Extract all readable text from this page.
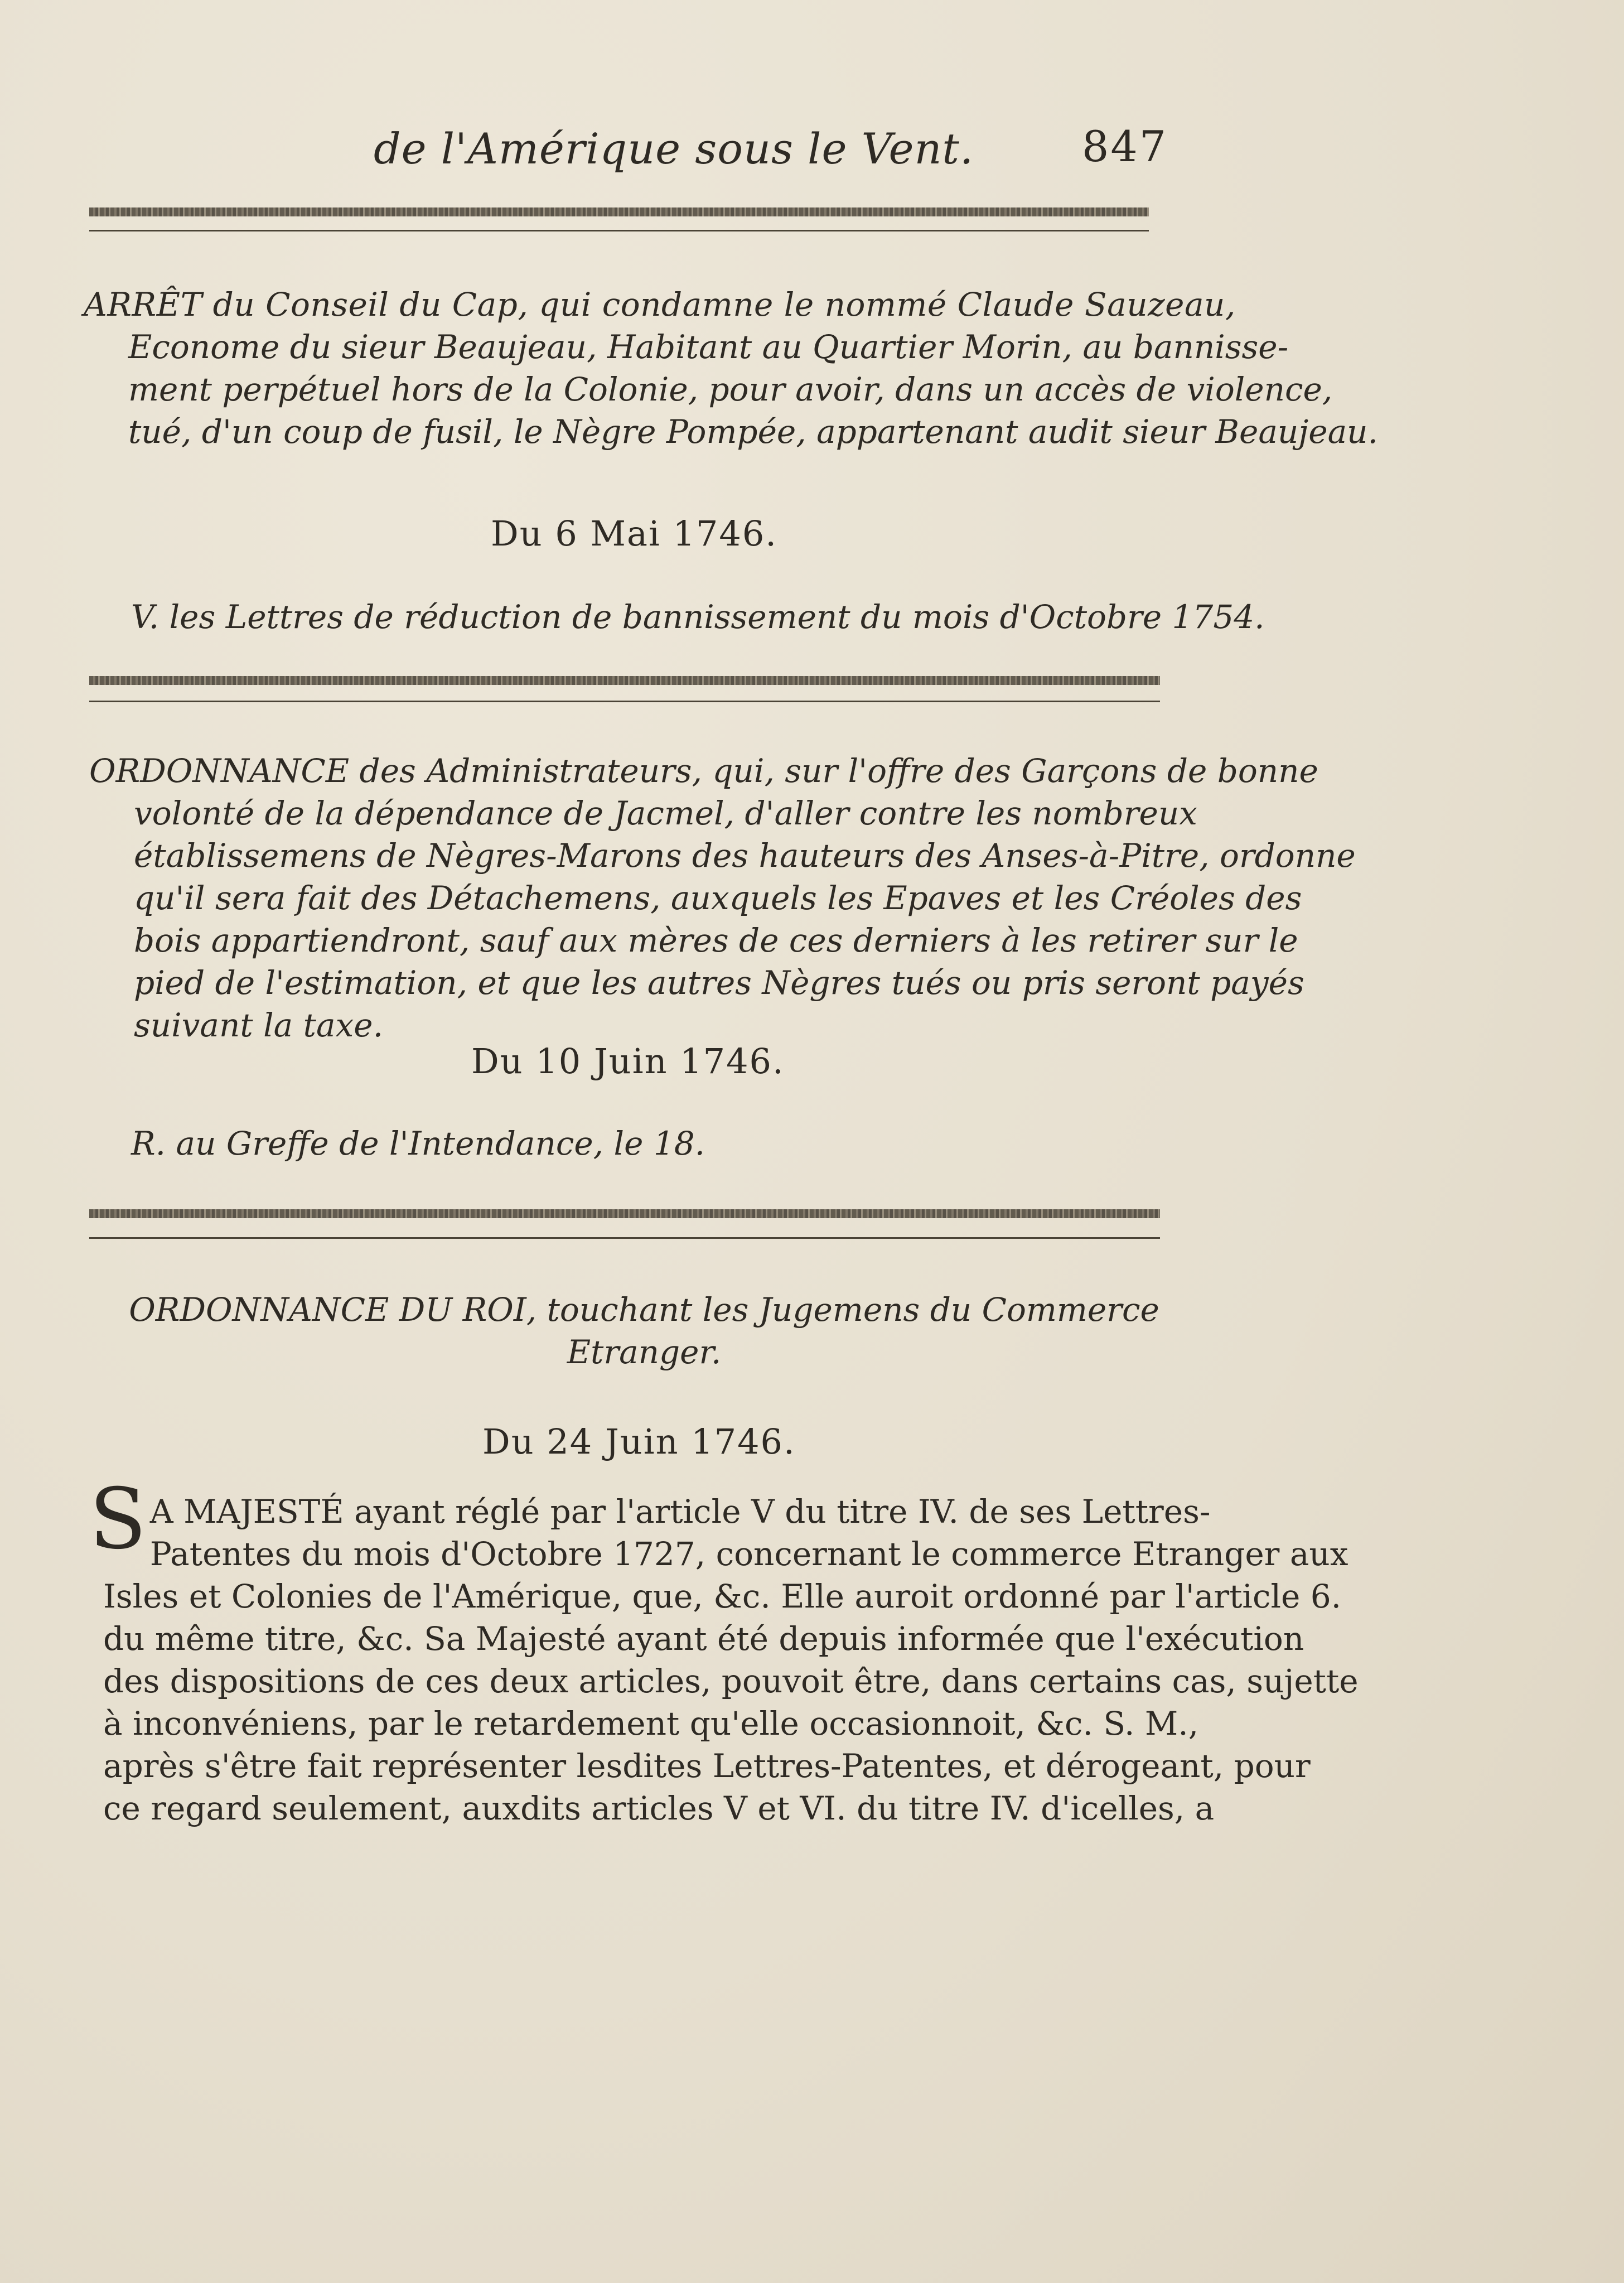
de l'Amérique sous le Vent.	847
ARRÊT du Conseil du Cap, qui condamne le nommé Claude Sauzeau,
Econome du sieur Beaujeau, Habitant au Quartier Morin, au bannisse-
ment perpétuel hors de la Colonie, pour avoir, dans un accès de violence,
tué, d'un coup de fusil, le Nègre Pompée, appartenant audit sieur Beaujeau.
Du 6 Mai 1746.
V. les Lettres de réduction de bannissement du mois d'Octobre 1754.
ORDONNANCE des Administrateurs, qui, sur l'offre des Garçons de bonne
volonté de la dépendance de Jacmel, d'aller contre les nombreux
établissemens de Nègres-Marons des hauteurs des Anses-à-Pitre, ordonne
qu'il sera fait des Détachemens, auxquels les Epaves et les Créoles des
bois appartiendront, sauf aux mères de ces derniers à les retirer sur le
pied de l'estimation, et que les autres Nègres tués ou pris seront payés
suivant la taxe.
Du 10 Juin 1746.
R. au Greffe de l'Intendance, le 18.
ORDONNANCE DU ROI, touchant les Jugemens du Commerce
Etranger.
Du 24 Juin 1746.
S A MAJESTÉ ayant réglé par l'article V du titre IV. de ses Lettres-
Patentes du mois d'Octobre 1727, concernant le commerce Etranger aux
Isles et Colonies de l'Amérique, que, &c. Elle auroit ordonné par l'article 6.
du même titre, &c. Sa Majesté ayant été depuis informée que l'exécution
des dispositions de ces deux articles, pouvoit être, dans certains cas, sujette
à inconvéniens, par le retardement qu'elle occasionnoit, &c. S. M.,
après s'être fait représenter lesdites Lettres-Patentes, et dérogeant, pour
ce regard seulement, auxdits articles V et VI. du titre IV. d'icelles, a
